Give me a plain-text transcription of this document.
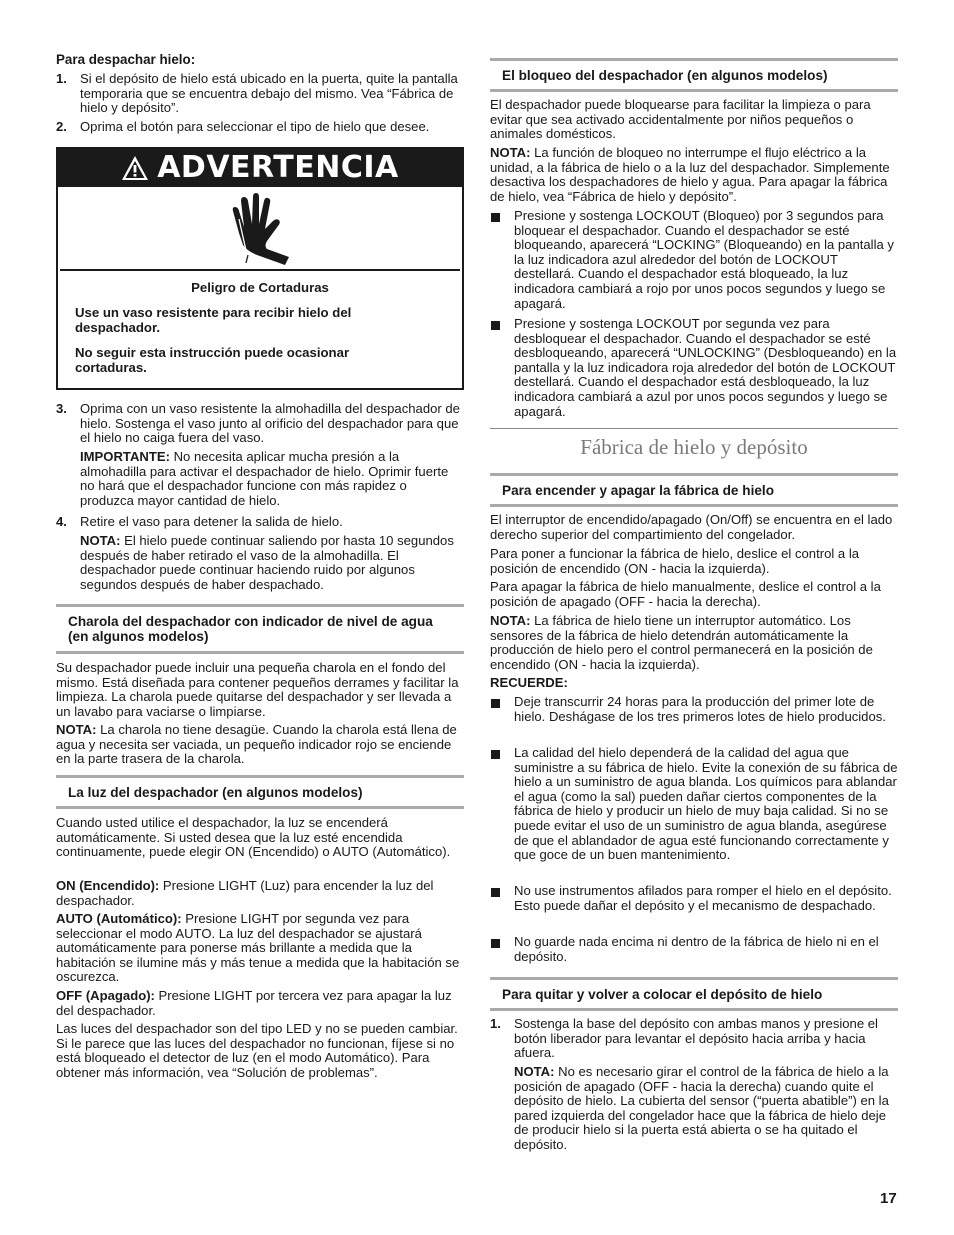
Para despachar hielo:
1. Si el depósito de hielo está ubicado en la puerta, quite la pantalla temporaria que se encuentra debajo del mismo. Vea “Fábrica de hielo y depósito”.

2. Oprima el botón para seleccionar el tipo de hielo que desee.

ADVERTENCIA
Peligro de Cortaduras

Use un vaso resistente para recibir hielo del despachador.

No seguir esta instrucción puede ocasionar cortaduras.

3. Oprima con un vaso resistente la almohadilla del despachador de hielo. Sostenga el vaso junto al orificio del despachador para que el hielo no caiga fuera del vaso.

IMPORTANTE: No necesita aplicar mucha presión a la almohadilla para activar el despachador de hielo. Oprimir fuerte no hará que el despachador funcione con más rapidez o produzca mayor cantidad de hielo.

4. Retire el vaso para detener la salida de hielo.

NOTA: El hielo puede continuar saliendo por hasta 10 segundos después de haber retirado el vaso de la almohadilla. El despachador puede continuar haciendo ruido por algunos segundos después de haber despachado.

Charola del despachador con indicador de nivel de agua (en algunos modelos)

Su despachador puede incluir una pequeña charola en el fondo del mismo. Está diseñada para contener pequeños derrames y facilitar la limpieza. La charola puede quitarse del despachador y ser llevada a un lavabo para vaciarse o limpiarse.

NOTA: La charola no tiene desagüe. Cuando la charola está llena de agua y necesita ser vaciada, un pequeño indicador rojo se enciende en la parte trasera de la charola.

La luz del despachador (en algunos modelos)

Cuando usted utilice el despachador, la luz se encenderá automáticamente. Si usted desea que la luz esté encendida continuamente, puede elegir ON (Encendido) o AUTO (Automático).

ON (Encendido): Presione LIGHT (Luz) para encender la luz del despachador.

AUTO (Automático): Presione LIGHT por segunda vez para seleccionar el modo AUTO. La luz del despachador se ajustará automáticamente para ponerse más brillante a medida que la habitación se ilumine más y más tenue a medida que la habitación se oscurezca.

OFF (Apagado): Presione LIGHT por tercera vez para apagar la luz del despachador.

Las luces del despachador son del tipo LED y no se pueden cambiar. Si le parece que las luces del despachador no funcionan, fíjese si no está bloqueado el detector de luz (en el modo Automático). Para obtener más información, vea “Solución de problemas”.

El bloqueo del despachador (en algunos modelos)

El despachador puede bloquearse para facilitar la limpieza o para evitar que sea activado accidentalmente por niños pequeños o animales domésticos.

NOTA: La función de bloqueo no interrumpe el flujo eléctrico a la unidad, a la fábrica de hielo o a la luz del despachador. Simplemente desactiva los despachadores de hielo y agua. Para apagar la fábrica de hielo, vea “Fábrica de hielo y depósito”.

Presione y sostenga LOCKOUT (Bloqueo) por 3 segundos para bloquear el despachador. Cuando el despachador se esté bloqueando, aparecerá “LOCKING” (Bloqueando) en la pantalla y la luz indicadora azul alrededor del botón de LOCKOUT destellará. Cuando el despachador está bloqueado, la luz indicadora cambiará a rojo por unos pocos segundos y luego se apagará.

Presione y sostenga LOCKOUT por segunda vez para desbloquear el despachador. Cuando el despachador se esté desbloqueando, aparecerá “UNLOCKING” (Desbloqueando) en la pantalla y la luz indicadora roja alrededor del botón de LOCKOUT destellará. Cuando el despachador está desbloqueado, la luz indicadora cambiará a azul por unos pocos segundos y luego se apagará.

Fábrica de hielo y depósito
Para encender y apagar la fábrica de hielo

El interruptor de encendido/apagado (On/Off) se encuentra en el lado derecho superior del compartimiento del congelador.

Para poner a funcionar la fábrica de hielo, deslice el control a la posición de encendido (ON - hacia la izquierda).

Para apagar la fábrica de hielo manualmente, deslice el control a la posición de apagado (OFF - hacia la derecha).

NOTA: La fábrica de hielo tiene un interruptor automático. Los sensores de la fábrica de hielo detendrán automáticamente la producción de hielo pero el control permanecerá en la posición de encendido (ON - hacia la izquierda).

RECUERDE:

Deje transcurrir 24 horas para la producción del primer lote de hielo. Deshágase de los tres primeros lotes de hielo producidos.

La calidad del hielo dependerá de la calidad del agua que suministre a su fábrica de hielo. Evite la conexión de su fábrica de hielo a un suministro de agua blanda. Los químicos para ablandar el agua (como la sal) pueden dañar ciertos componentes de la fábrica de hielo y producir un hielo de muy baja calidad. Si no se puede evitar el uso de un suministro de agua blanda, asegúrese de que el ablandador de agua esté funcionando correctamente y que goce de un buen mantenimiento.

No use instrumentos afilados para romper el hielo en el depósito. Esto puede dañar el depósito y el mecanismo de despachado.

No guarde nada encima ni dentro de la fábrica de hielo ni en el depósito.

Para quitar y volver a colocar el depósito de hielo
1. Sostenga la base del depósito con ambas manos y presione el botón liberador para levantar el depósito hacia arriba y hacia afuera.

NOTA: No es necesario girar el control de la fábrica de hielo a la posición de apagado (OFF - hacia la derecha) cuando quite el depósito de hielo. La cubierta del sensor (“puerta abatible”) en la pared izquierda del congelador hace que la fábrica de hielo deje de producir hielo si la puerta está abierta o se ha quitado el depósito.

17
